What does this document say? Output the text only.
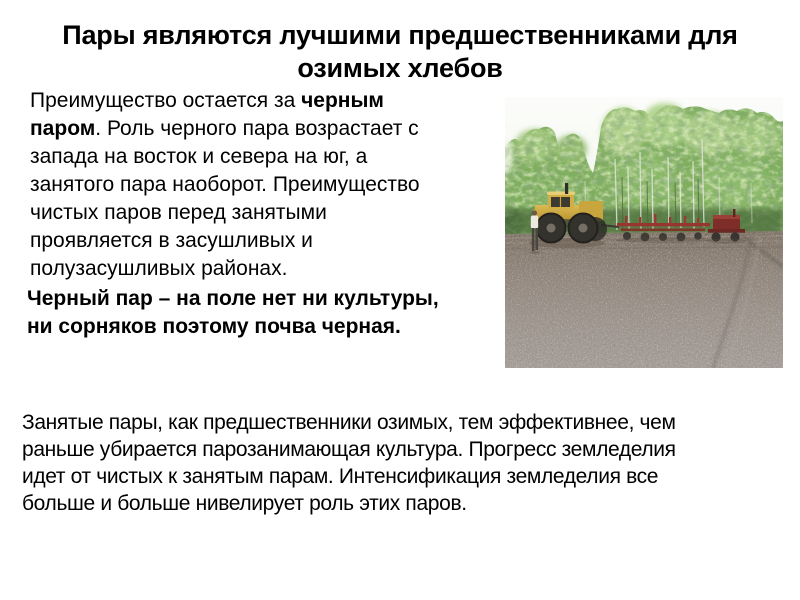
Пары являются лучшими предшественниками для
озимых хлебов
Преимущество остается за черным
паром. Роль черного пара возрастает с
запада на восток и севера на юг, а
занятого пара наоборот. Преимущество
чистых паров перед занятыми
проявляется в засушливых и
полузасушливых районах.
Черный пар – на поле нет ни культуры,
ни сорняков поэтому почва черная.
Занятые пары, как предшественники озимых, тем эффективнее, чем
раньше убирается парозанимающая культура. Прогресс земледелия
идет от чистых к занятым парам. Интенсификация земледелия все
больше и больше нивелирует роль этих паров.
